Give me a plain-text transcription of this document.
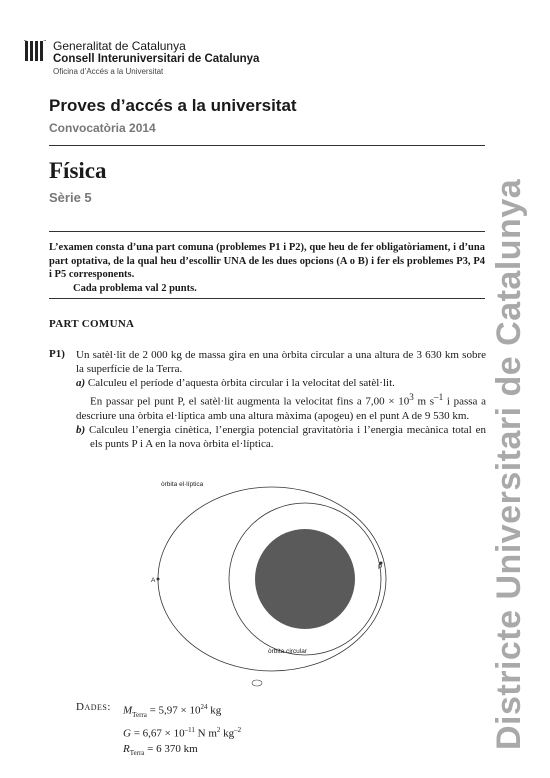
Generalitat de Catalunya
Consell Interuniversitari de Catalunya
Oficina d’Accés a la Universitat
Proves d’accés a la universitat
Convocatòria 2014
Física
Sèrie 5
L’examen consta d’una part comuna (problemes P1 i P2), que heu de fer obligatòriament, i d’una part optativa, de la qual heu d’escollir UNA de les dues opcions (A o B) i fer els problemes P3, P4 i P5 corresponents.
Cada problema val 2 punts.
PART COMUNA
P1) Un satèl·lit de 2 000 kg de massa gira en una òrbita circular a una altura de 3 630 km sobre la superfície de la Terra.

a) Calculeu el període d’aquesta òrbita circular i la velocitat del satèl·lit.

En passar pel punt P, el satèl·lit augmenta la velocitat fins a $7,00 \times 10^3$ m $s^{-1}$ i passa a descriure una òrbita el·líptica amb una altura màxima (apogeu) en el punt A de 9 530 km.

b) Calculeu l’energia cinètica, l’energia potencial gravitatòria i l’energia mecànica total en els punts P i A en la nova òrbita el·líptica.

òrbita el·líptica
òrbita circular
A
P
Dades: $M_{Terra} = 5,97 \times 10^{24}$ kg
$G = 6,67 \times 10^{-11}$ N $m^2$ $kg^{-2}$
$R_{Terra} = 6$ 370 km	Districte Universitari de Catalunya
